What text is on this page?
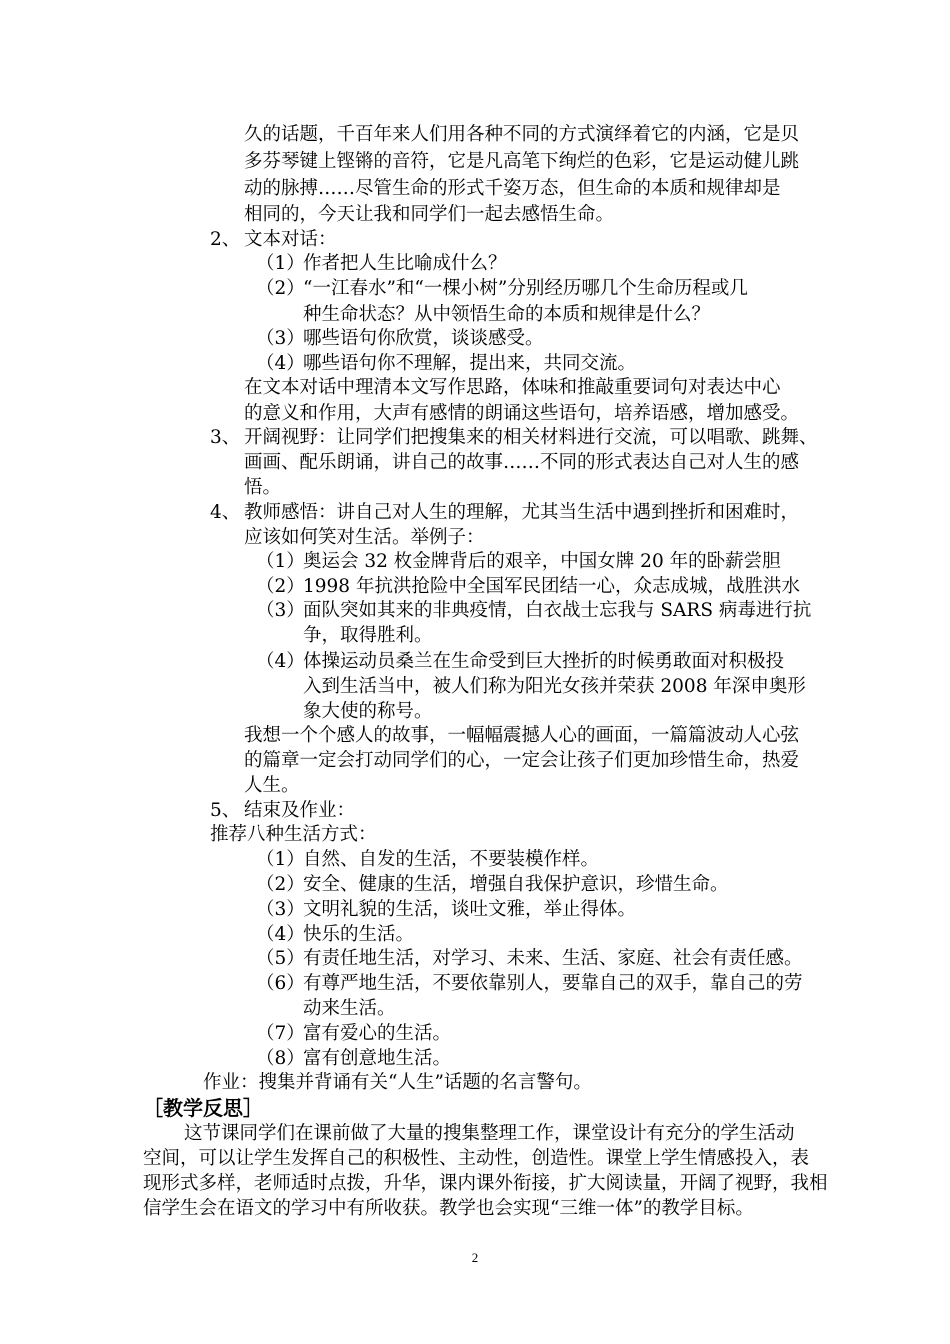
久的话题，千百年来人们用各种不同的方式演绎着它的内涵，它是贝
多芬琴键上铿锵的音符，它是凡高笔下绚烂的色彩，它是运动健儿跳
动的脉搏……尽管生命的形式千姿万态，但生命的本质和规律却是
相同的，今天让我和同学们一起去感悟生命。
2、 文本对话：
（1）
作者把人生比喻成什么？
（2）
“一江春水”和“一棵小树”分别经历哪几个生命历程或几
种生命状态？从中领悟生命的本质和规律是什么？
（3）
哪些语句你欣赏，谈谈感受。
（4）
哪些语句你不理解，提出来，共同交流。
在文本对话中理清本文写作思路，体味和推敲重要词句对表达中心
的意义和作用，大声有感情的朗诵这些语句，培养语感，增加感受。
3、 开阔视野：让同学们把搜集来的相关材料进行交流，可以唱歌、跳舞、
画画、配乐朗诵，讲自己的故事……不同的形式表达自己对人生的感
悟。
4、 教师感悟：讲自己对人生的理解，尤其当生活中遇到挫折和困难时，
应该如何笑对生活。举例子：
（1）
奥运会 32 枚金牌背后的艰辛，中国女牌 20 年的卧薪尝胆
（2）
1998 年抗洪抢险中全国军民团结一心，众志成城，战胜洪水
（3）
面队突如其来的非典疫情，白衣战士忘我与 SARS 病毒进行抗
争，取得胜利。
（4）
体操运动员桑兰在生命受到巨大挫折的时候勇敢面对积极投
入到生活当中，被人们称为阳光女孩并荣获 2008 年深申奥形
象大使的称号。
我想一个个感人的故事，一幅幅震撼人心的画面，一篇篇波动人心弦
的篇章一定会打动同学们的心，一定会让孩子们更加珍惜生命，热爱
人生。
5、 结束及作业：
推荐八种生活方式：
（1）
自然、自发的生活，不要装模作样。
（2）
安全、健康的生活，增强自我保护意识，珍惜生命。
（3）
文明礼貌的生活，谈吐文雅，举止得体。
（4）
快乐的生活。
（5）
有责任地生活，对学习、未来、生活、家庭、社会有责任感。
（6）
有尊严地生活，不要依靠别人，要靠自己的双手，靠自己的劳
动来生活。
（7）
富有爱心的生活。
（8）
富有创意地生活。
作业：搜集并背诵有关“人生”话题的名言警句。
［教学反思］
这节课同学们在课前做了大量的搜集整理工作，课堂设计有充分的学生活动
空间，可以让学生发挥自己的积极性、主动性，创造性。课堂上学生情感投入，表
现形式多样，老师适时点拨，升华，课内课外衔接，扩大阅读量，开阔了视野，我相
信学生会在语文的学习中有所收获。教学也会实现“三维一体”的教学目标。
2
